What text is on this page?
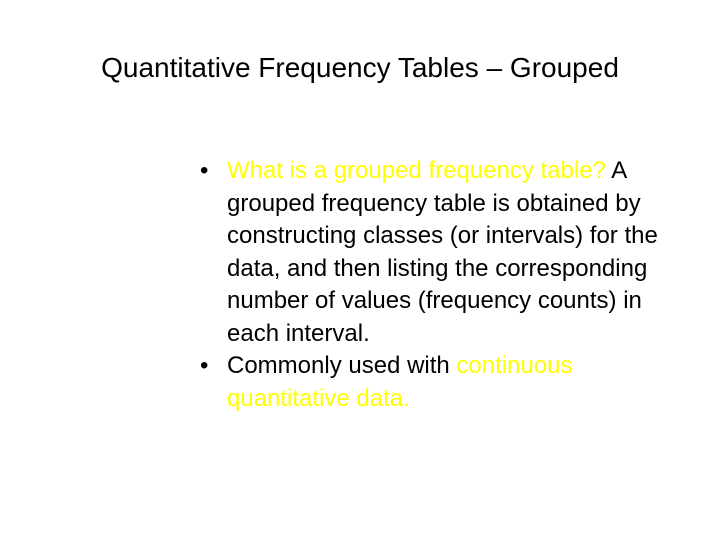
Quantitative Frequency Tables – Grouped

• What is a grouped frequency table? A grouped frequency table is obtained by constructing classes (or intervals) for the data, and then listing the corresponding number of values (frequency counts) in each interval.

• Commonly used with continuous quantitative data.
